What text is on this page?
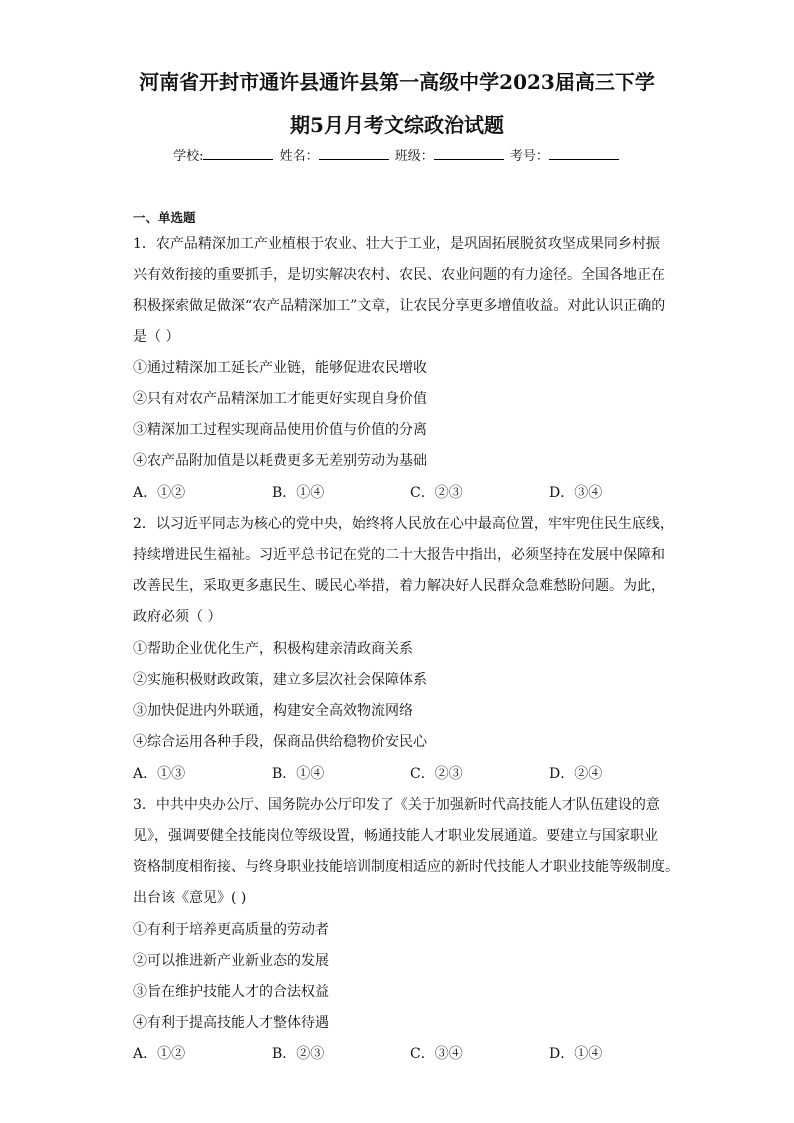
河南省开封市通许县通许县第一高级中学2023届高三下学
期5月月考文综政治试题
学校:	姓名：	班级：	考号：
一、单选题
1．农产品精深加工产业植根于农业、壮大于工业，是巩固拓展脱贫攻坚成果同乡村振
兴有效衔接的重要抓手，是切实解决农村、农民、农业问题的有力途径。全国各地正在
积极探索做足做深“农产品精深加工”文章，让农民分享更多增值收益。对此认识正确的
是（ ）
①通过精深加工延长产业链，能够促进农民增收
②只有对农产品精深加工才能更好实现自身价值
③精深加工过程实现商品使用价值与价值的分离
④农产品附加值是以耗费更多无差别劳动为基础
A．①②	B．①④	C．②③	D．③④
2．以习近平同志为核心的党中央，始终将人民放在心中最高位置，牢牢兜住民生底线，
持续增进民生福祉。习近平总书记在党的二十大报告中指出，必须坚持在发展中保障和
改善民生，采取更多惠民生、暖民心举措，着力解决好人民群众急难愁盼问题。为此，
政府必须（ ）
①帮助企业优化生产，积极构建亲清政商关系
②实施积极财政政策，建立多层次社会保障体系
③加快促进内外联通，构建安全高效物流网络
④综合运用各种手段，保商品供给稳物价安民心
A．①③	B．①④	C．②③	D．②④
3．中共中央办公厅、国务院办公厅印发了《关于加强新时代高技能人才队伍建设的意
见》，强调要健全技能岗位等级设置，畅通技能人才职业发展通道。要建立与国家职业
资格制度相衔接、与终身职业技能培训制度相适应的新时代技能人才职业技能等级制度。
出台该《意见》( )
①有利于培养更高质量的劳动者
②可以推进新产业新业态的发展
③旨在维护技能人才的合法权益
④有利于提高技能人才整体待遇
A．①②	B．②③	C．③④	D．①④
